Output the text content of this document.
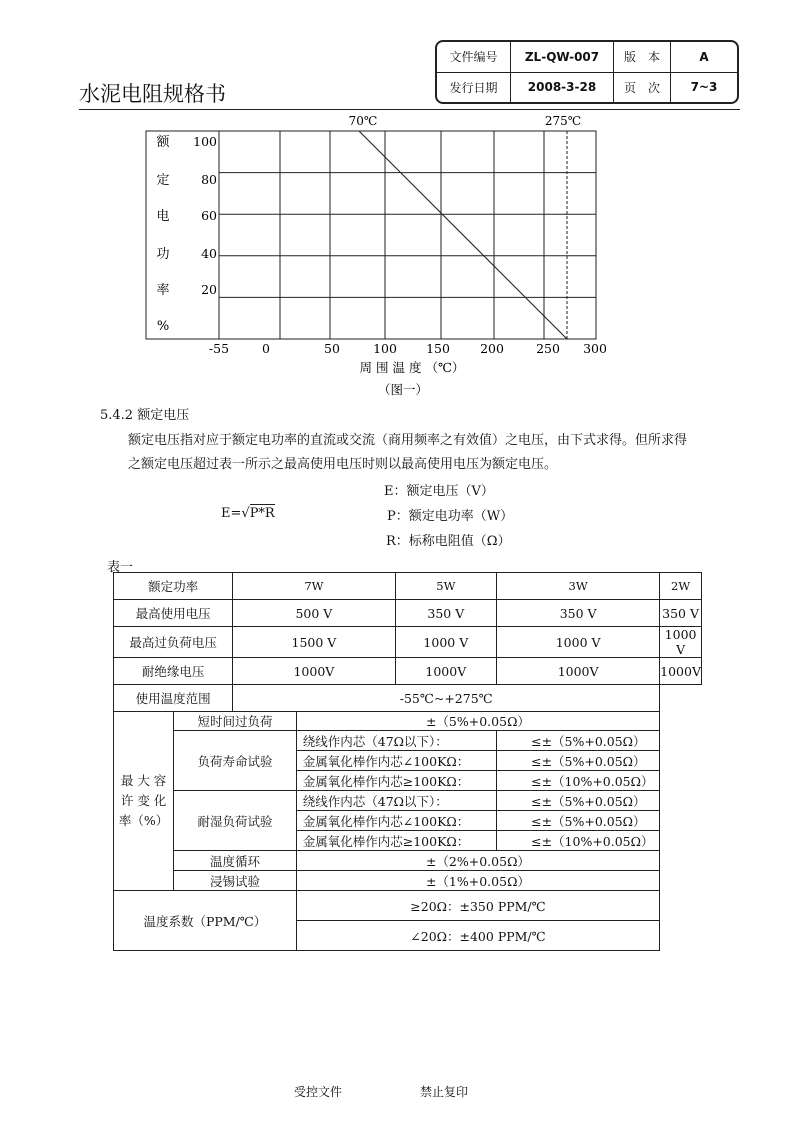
水泥电阻规格书
文件编号	ZL-QW-007	版　本	A
发行日期	2008-3-28	页　次	7~3
70℃	275℃
额
定
电
功
率
%
100
80
60
40
20
-55	0	50	100 150 200	250 300
周 围 温 度 （℃）
（图一）
5.4.2 额定电压
额定电压指对应于额定电功率的直流或交流（商用频率之有效值）之电压，由下式求得。但所求得
之额定电压超过表一所示之最高使用电压时则以最高使用电压为额定电压。
E：额定电压（V）
E=√P*R	P：额定电功率（W）
R：标称电阻值（Ω）
表一
额定功率		7W		5W	3W	2W
最高使用电压		500 V		350 V	350 V	350 V
最高过负荷电压		1500 V		1000 V	1000 V	1000 V
耐绝缘电压		1000V		1000V	1000V	1000V
使用温度范围		-55℃~+275℃				
最 大 容
许 变 化
率（%）	短时间过负荷		±（5%+0.05Ω）			
	负荷寿命试验		绕线作内芯（47Ω以下）：		≤±（5%+0.05Ω）	
			金属氧化棒作内芯∠100KΩ：		≤±（5%+0.05Ω）	
			金属氧化棒作内芯≥100KΩ：		≤±（10%+0.05Ω）	
	耐湿负荷试验		绕线作内芯（47Ω以下）：		≤±（5%+0.05Ω）	
			金属氧化棒作内芯∠100KΩ：		≤±（5%+0.05Ω）	
			金属氧化棒作内芯≥100KΩ：		≤±（10%+0.05Ω）	
	温度循环		±（2%+0.05Ω）			
	浸锡试验		±（1%+0.05Ω）			
温度系数（PPM/℃）			≥20Ω：±350 PPM/℃			
			∠20Ω：±400 PPM/℃			
受控文件	禁止复印
